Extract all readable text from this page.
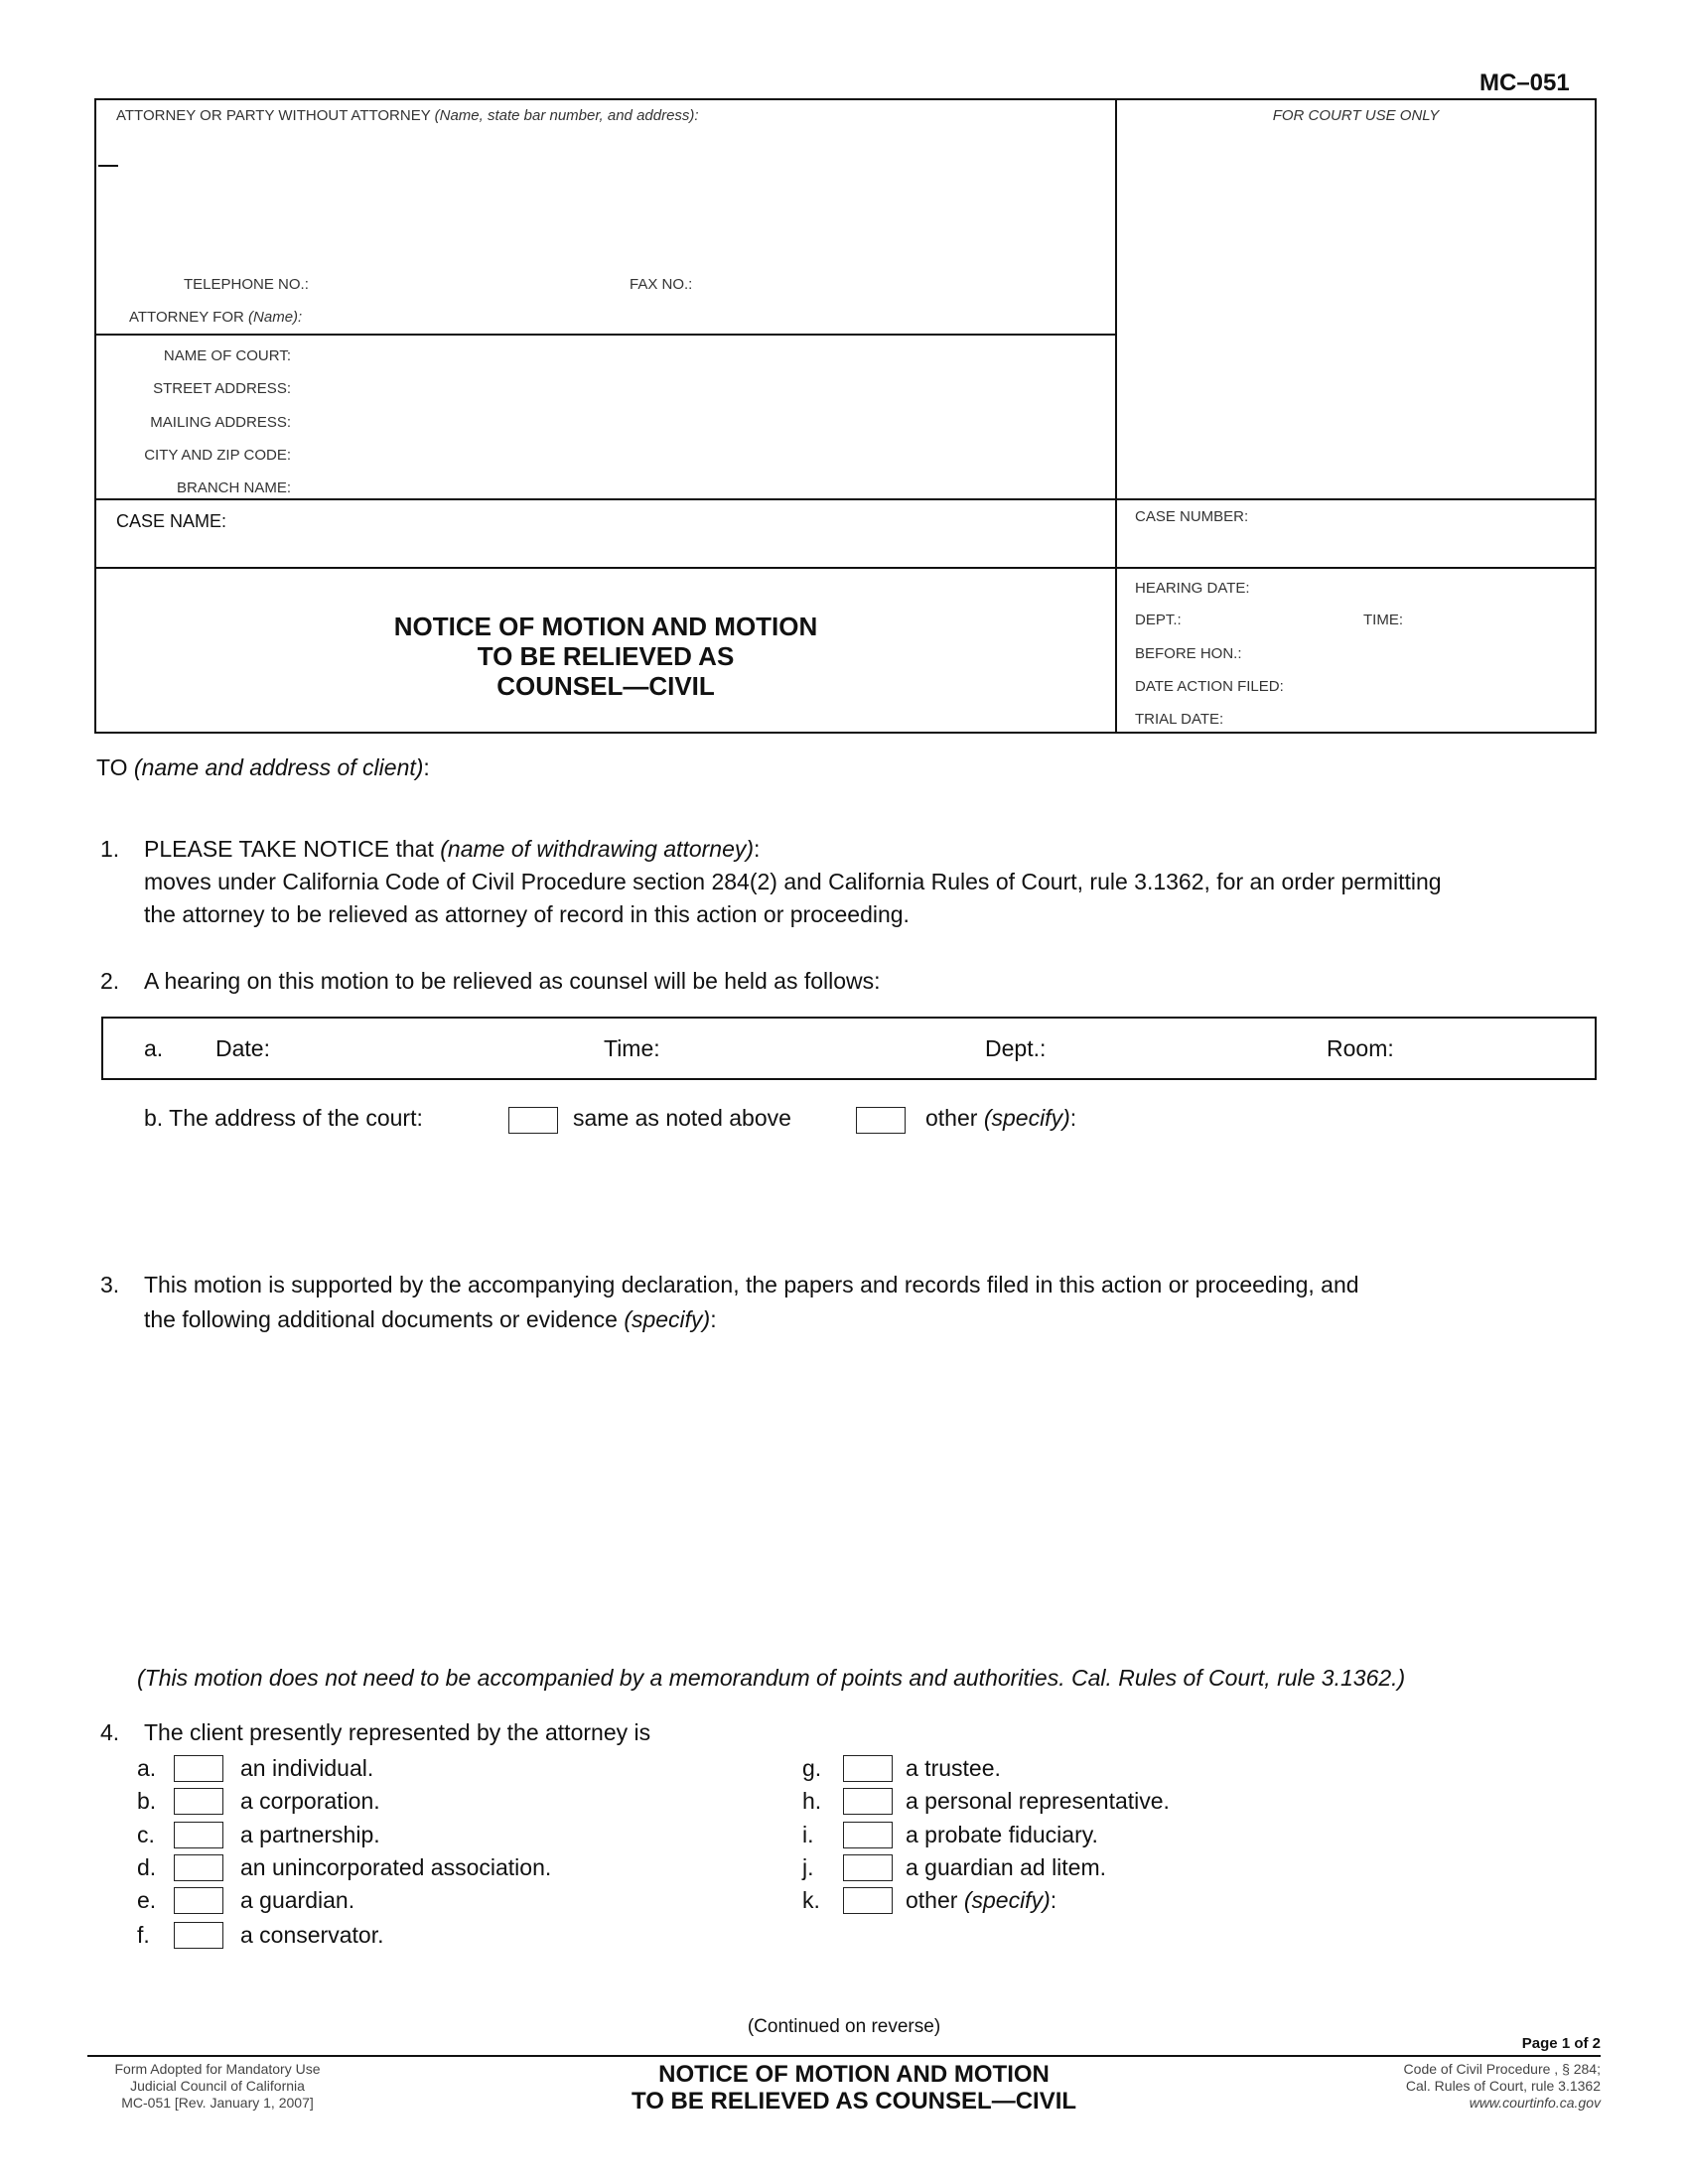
MC–051
ATTORNEY OR PARTY WITHOUT ATTORNEY (Name, state bar number, and address):	FOR COURT USE ONLY
TELEPHONE NO.:	FAX NO.:
ATTORNEY FOR (Name):
NAME OF COURT:
STREET ADDRESS:
MAILING ADDRESS:
CITY AND ZIP CODE:
BRANCH NAME:
CASE NAME:	CASE NUMBER:
NOTICE OF MOTION AND MOTION
TO BE RELIEVED AS
COUNSEL—CIVIL
HEARING DATE:
DEPT.:	TIME:
BEFORE HON.:
DATE ACTION FILED:
TRIAL DATE:
TO (name and address of client):
1. PLEASE TAKE NOTICE that (name of withdrawing attorney):
moves under California Code of Civil Procedure section 284(2) and California Rules of Court, rule 3.1362, for an order permitting
the attorney to be relieved as attorney of record in this action or proceeding.
2. A hearing on this motion to be relieved as counsel will be held as follows:
a. Date:	Time:	Dept.:	Room:
b. The address of the court:	same as noted above	other (specify):
3. This motion is supported by the accompanying declaration, the papers and records filed in this action or proceeding, and
the following additional documents or evidence (specify):
(This motion does not need to be accompanied by a memorandum of points and authorities. Cal. Rules of Court, rule 3.1362.)
4. The client presently represented by the attorney is
a.	an individual.
b.	a corporation.
c.	a partnership.
d.	an unincorporated association.
e.	a guardian.
f.	a conservator.
g.	a trustee.
h.	a personal representative.
i.	a probate fiduciary.
j.	a guardian ad litem.
k.	other (specify):
(Continued on reverse)
Page 1 of 2
Form Adopted for Mandatory Use
Judicial Council of California
MC-051 [Rev. January 1, 2007]
NOTICE OF MOTION AND MOTION
TO BE RELIEVED AS COUNSEL—CIVIL
Code of Civil Procedure , § 284;
Cal. Rules of Court, rule 3.1362
www.courtinfo.ca.gov
